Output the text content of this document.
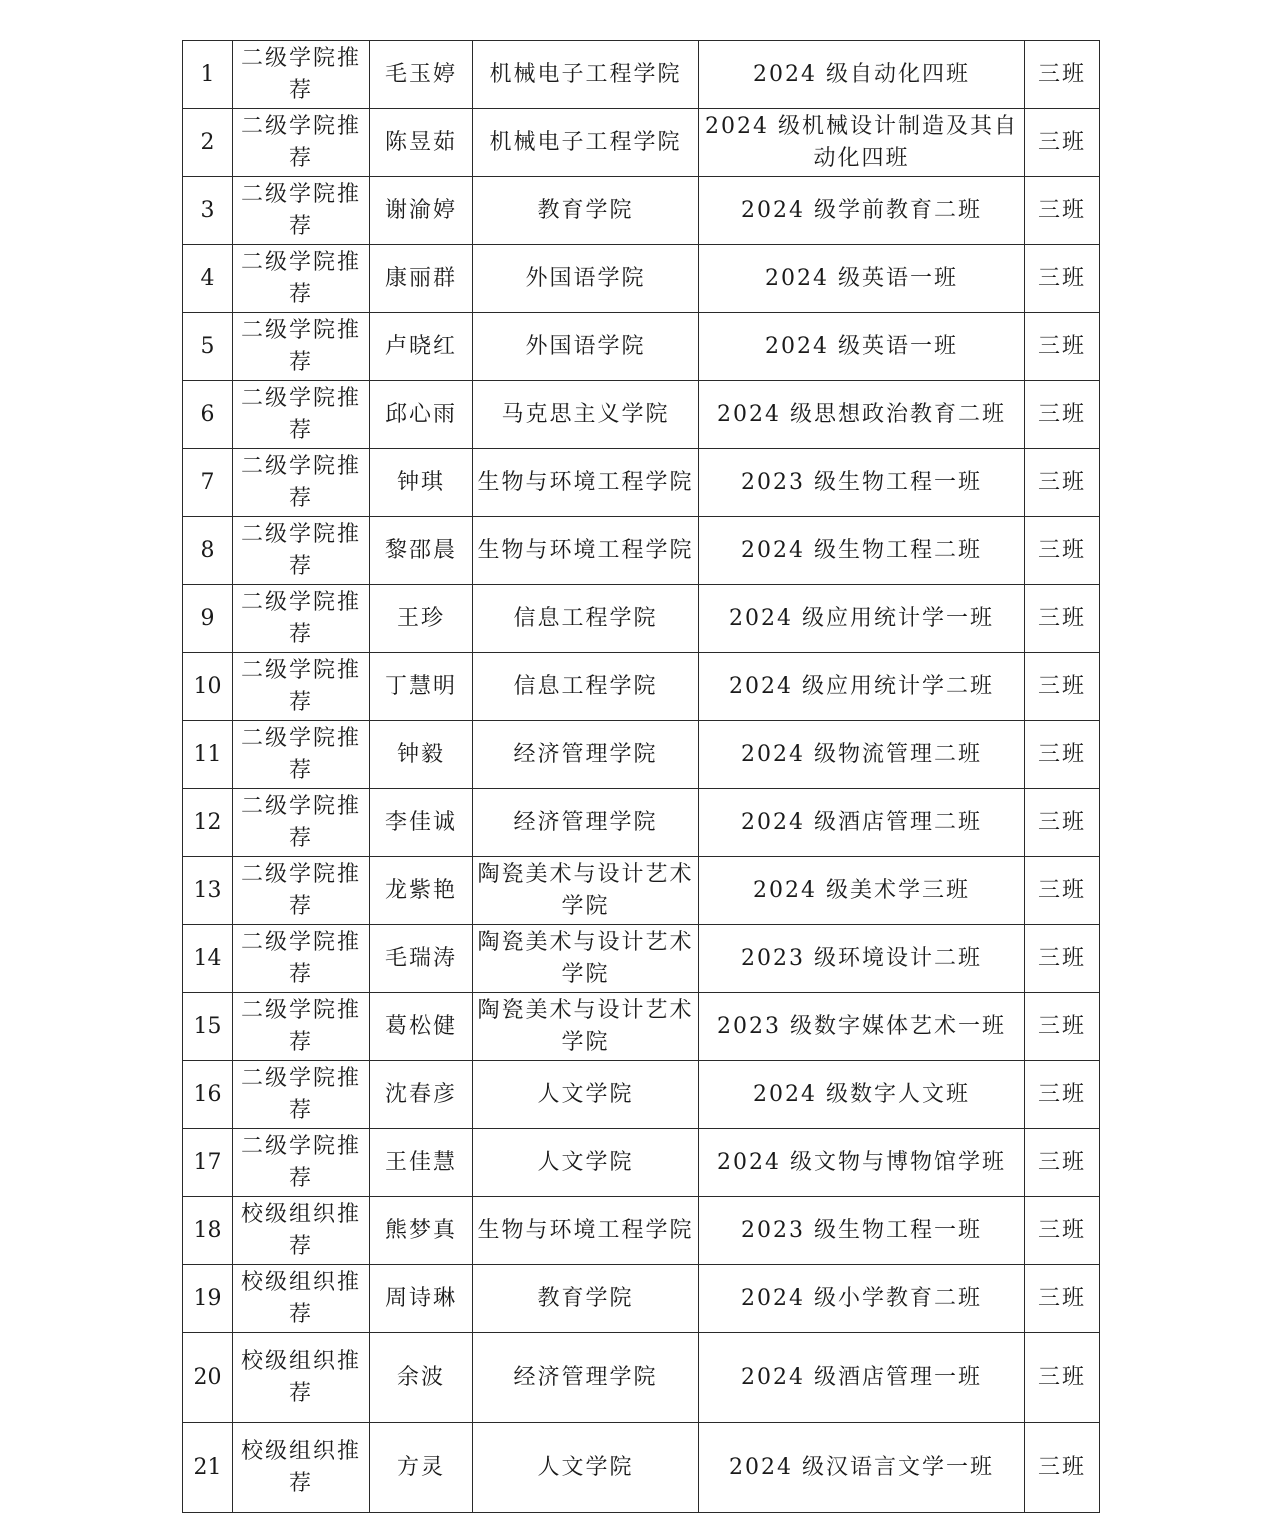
1	二级学院推荐	毛玉婷	机械电子工程学院	2024 级自动化四班	三班
2	二级学院推荐	陈昱茹	机械电子工程学院	2024 级机械设计制造及其自动化四班	三班
3	二级学院推荐	谢渝婷	教育学院	2024 级学前教育二班	三班
4	二级学院推荐	康丽群	外国语学院	2024 级英语一班	三班
5	二级学院推荐	卢晓红	外国语学院	2024 级英语一班	三班
6	二级学院推荐	邱心雨	马克思主义学院	2024 级思想政治教育二班	三班
7	二级学院推荐	钟琪	生物与环境工程学院	2023 级生物工程一班	三班
8	二级学院推荐	黎邵晨	生物与环境工程学院	2024 级生物工程二班	三班
9	二级学院推荐	王珍	信息工程学院	2024 级应用统计学一班	三班
10	二级学院推荐	丁慧明	信息工程学院	2024 级应用统计学二班	三班
11	二级学院推荐	钟毅	经济管理学院	2024 级物流管理二班	三班
12	二级学院推荐	李佳诚	经济管理学院	2024 级酒店管理二班	三班
13	二级学院推荐	龙紫艳	陶瓷美术与设计艺术学院	2024 级美术学三班	三班
14	二级学院推荐	毛瑞涛	陶瓷美术与设计艺术学院	2023 级环境设计二班	三班
15	二级学院推荐	葛松健	陶瓷美术与设计艺术学院	2023 级数字媒体艺术一班	三班
16	二级学院推荐	沈春彦	人文学院	2024 级数字人文班	三班
17	二级学院推荐	王佳慧	人文学院	2024 级文物与博物馆学班	三班
18	校级组织推荐	熊梦真	生物与环境工程学院	2023 级生物工程一班	三班
19	校级组织推荐	周诗琳	教育学院	2024 级小学教育二班	三班
20	校级组织推荐	余波	经济管理学院	2024 级酒店管理一班	三班
21	校级组织推荐	方灵	人文学院	2024 级汉语言文学一班	三班
